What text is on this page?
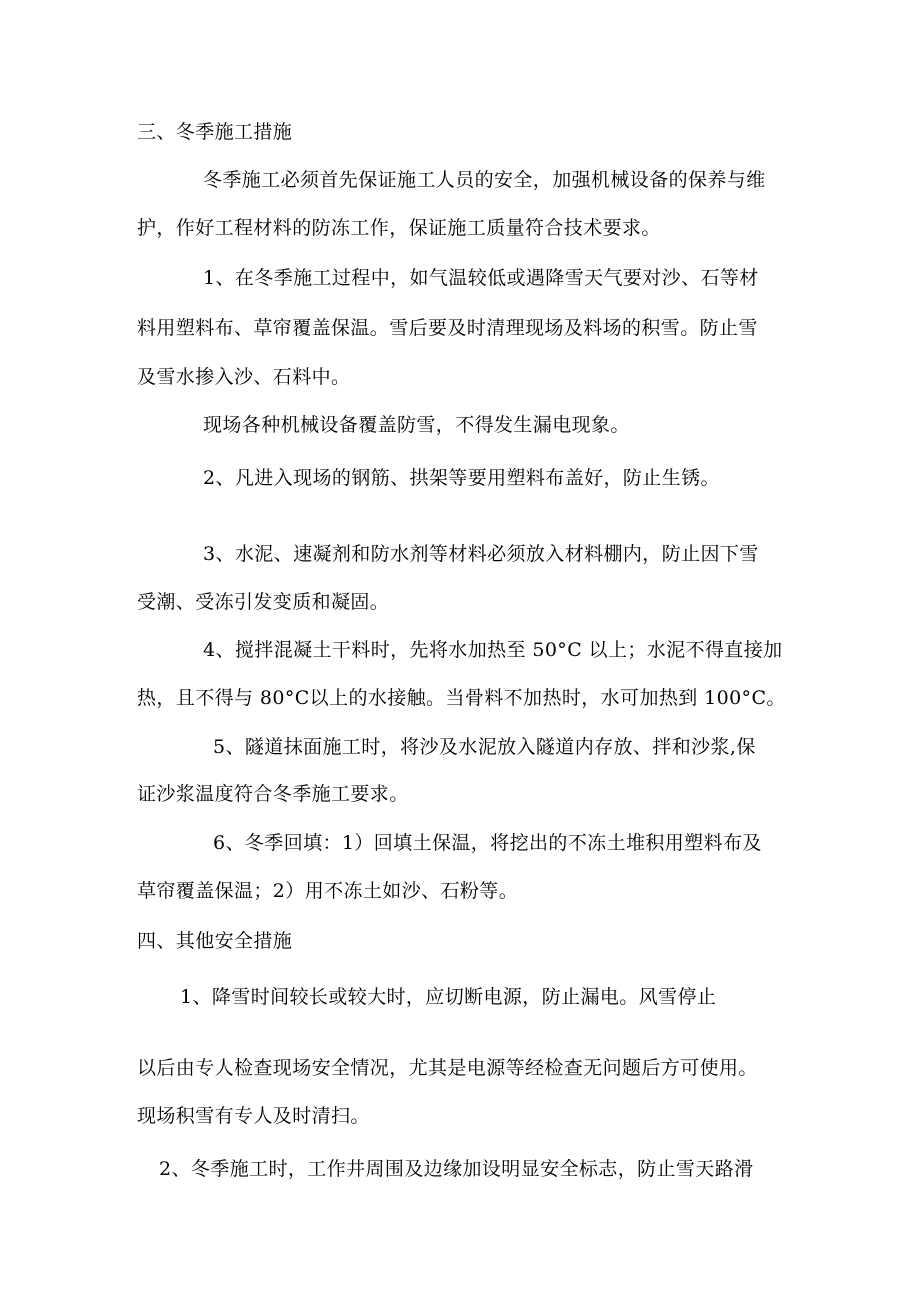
三、冬季施工措施
冬季施工必须首先保证施工人员的安全，加强机械设备的保养与维
护，作好工程材料的防冻工作，保证施工质量符合技术要求。
1、在冬季施工过程中，如气温较低或遇降雪天气要对沙、石等材
料用塑料布、草帘覆盖保温。雪后要及时清理现场及料场的积雪。防止雪
及雪水掺入沙、石料中。
现场各种机械设备覆盖防雪，不得发生漏电现象。
2、凡进入现场的钢筋、拱架等要用塑料布盖好，防止生锈。
3、水泥、速凝剂和防水剂等材料必须放入材料棚内，防止因下雪
受潮、受冻引发变质和凝固。
4、搅拌混凝土干料时，先将水加热至 50°C 以上；水泥不得直接加
热，且不得与 80°C以上的水接触。当骨料不加热时，水可加热到 100°C。
5、隧道抹面施工时，将沙及水泥放入隧道内存放、拌和沙浆,保
证沙浆温度符合冬季施工要求。
6、冬季回填：1）回填土保温，将挖出的不冻土堆积用塑料布及
草帘覆盖保温；2）用不冻土如沙、石粉等。
四、其他安全措施
1、降雪时间较长或较大时，应切断电源，防止漏电。风雪停止
以后由专人检查现场安全情况，尤其是电源等经检查无问题后方可使用。
现场积雪有专人及时清扫。
2、冬季施工时，工作井周围及边缘加设明显安全标志，防止雪天路滑
